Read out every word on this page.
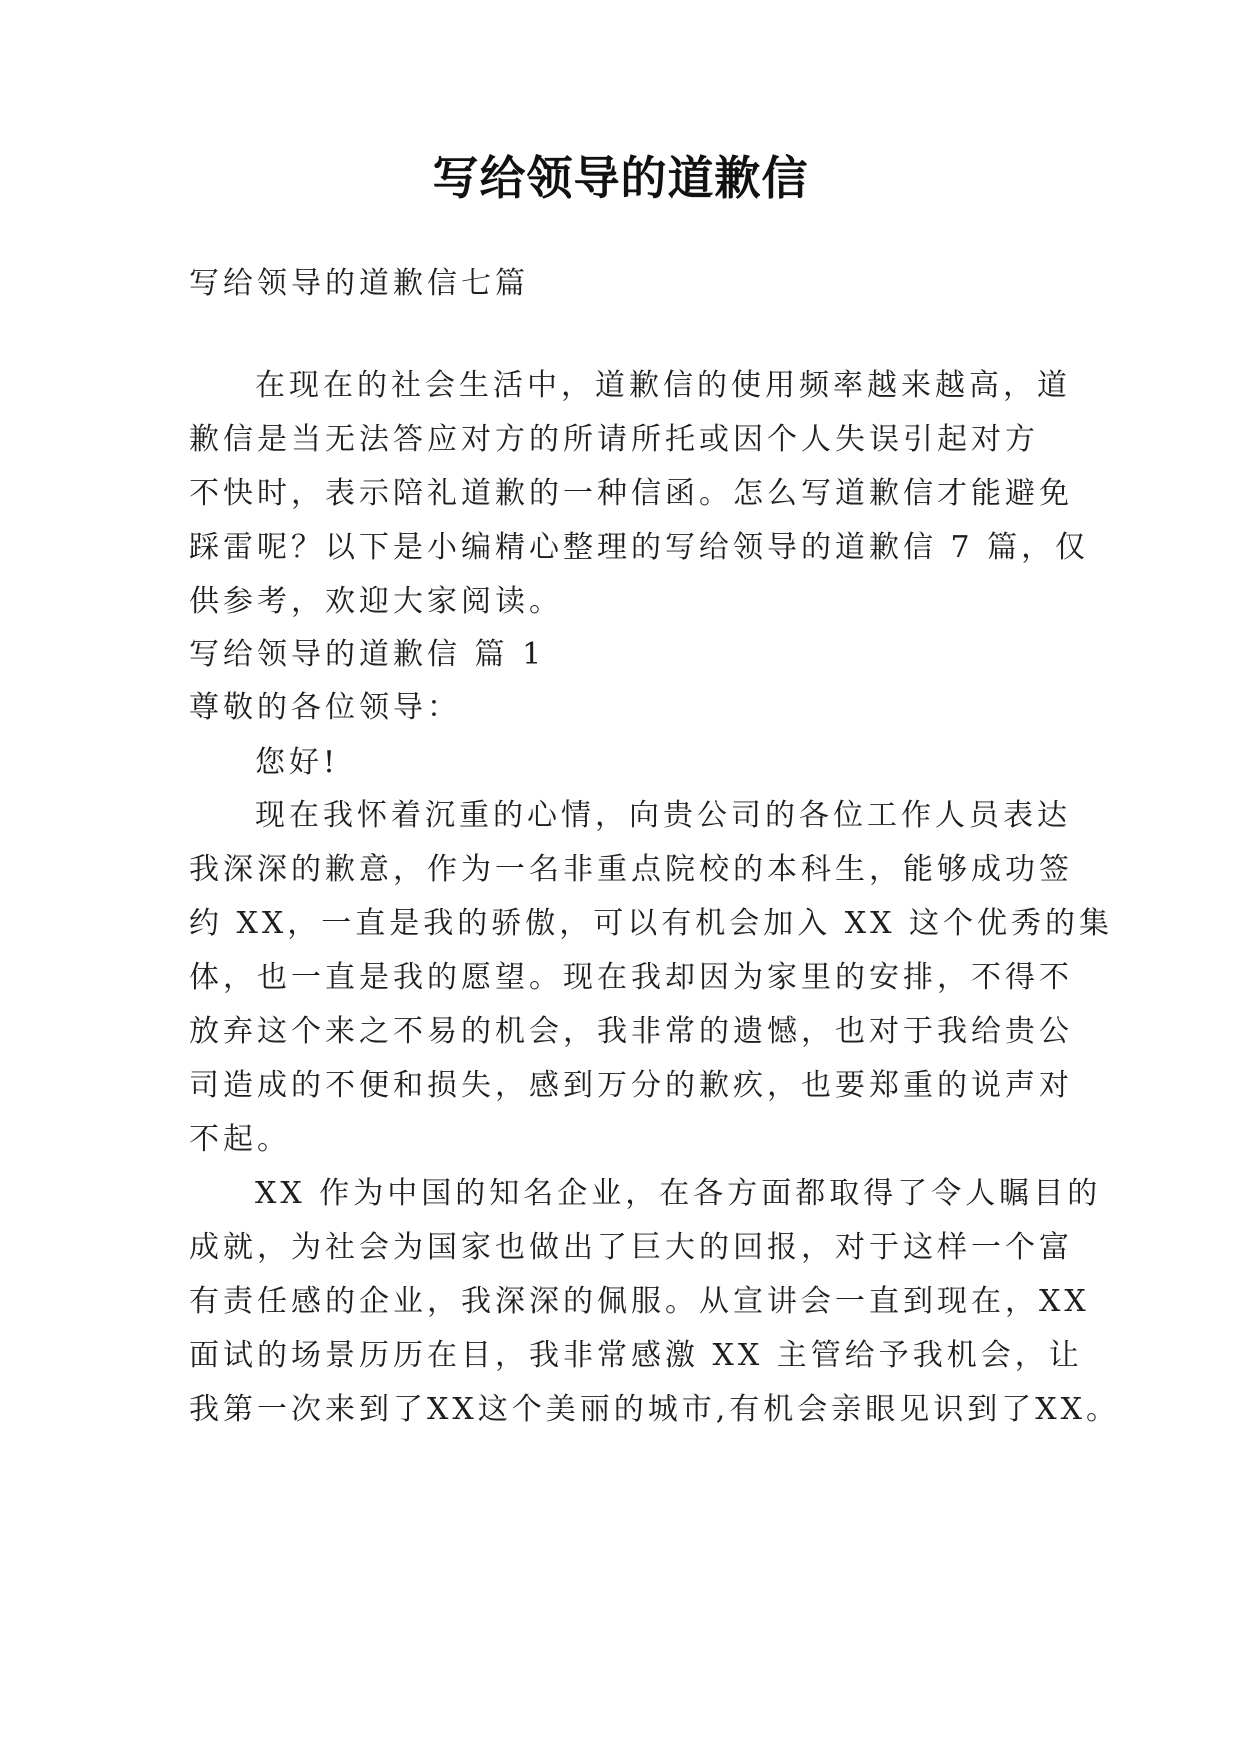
写给领导的道歉信
写给领导的道歉信七篇
在现在的社会生活中，道歉信的使用频率越来越高，道
歉信是当无法答应对方的所请所托或因个人失误引起对方
不快时，表示陪礼道歉的一种信函。怎么写道歉信才能避免
踩雷呢？以下是小编精心整理的写给领导的道歉信 7 篇，仅
供参考，欢迎大家阅读。
写给领导的道歉信 篇 1
尊敬的各位领导：
您好!
现在我怀着沉重的心情，向贵公司的各位工作人员表达
我深深的歉意，作为一名非重点院校的本科生，能够成功签
约 XX，一直是我的骄傲，可以有机会加入 XX 这个优秀的集
体，也一直是我的愿望。现在我却因为家里的安排，不得不
放弃这个来之不易的机会，我非常的遗憾，也对于我给贵公
司造成的不便和损失，感到万分的歉疚，也要郑重的说声对
不起。
XX 作为中国的知名企业，在各方面都取得了令人瞩目的
成就，为社会为国家也做出了巨大的回报，对于这样一个富
有责任感的企业，我深深的佩服。从宣讲会一直到现在，XX
面试的场景历历在目，我非常感激 XX 主管给予我机会，让
我第一次来到了XX这个美丽的城市,有机会亲眼见识到了XX。
